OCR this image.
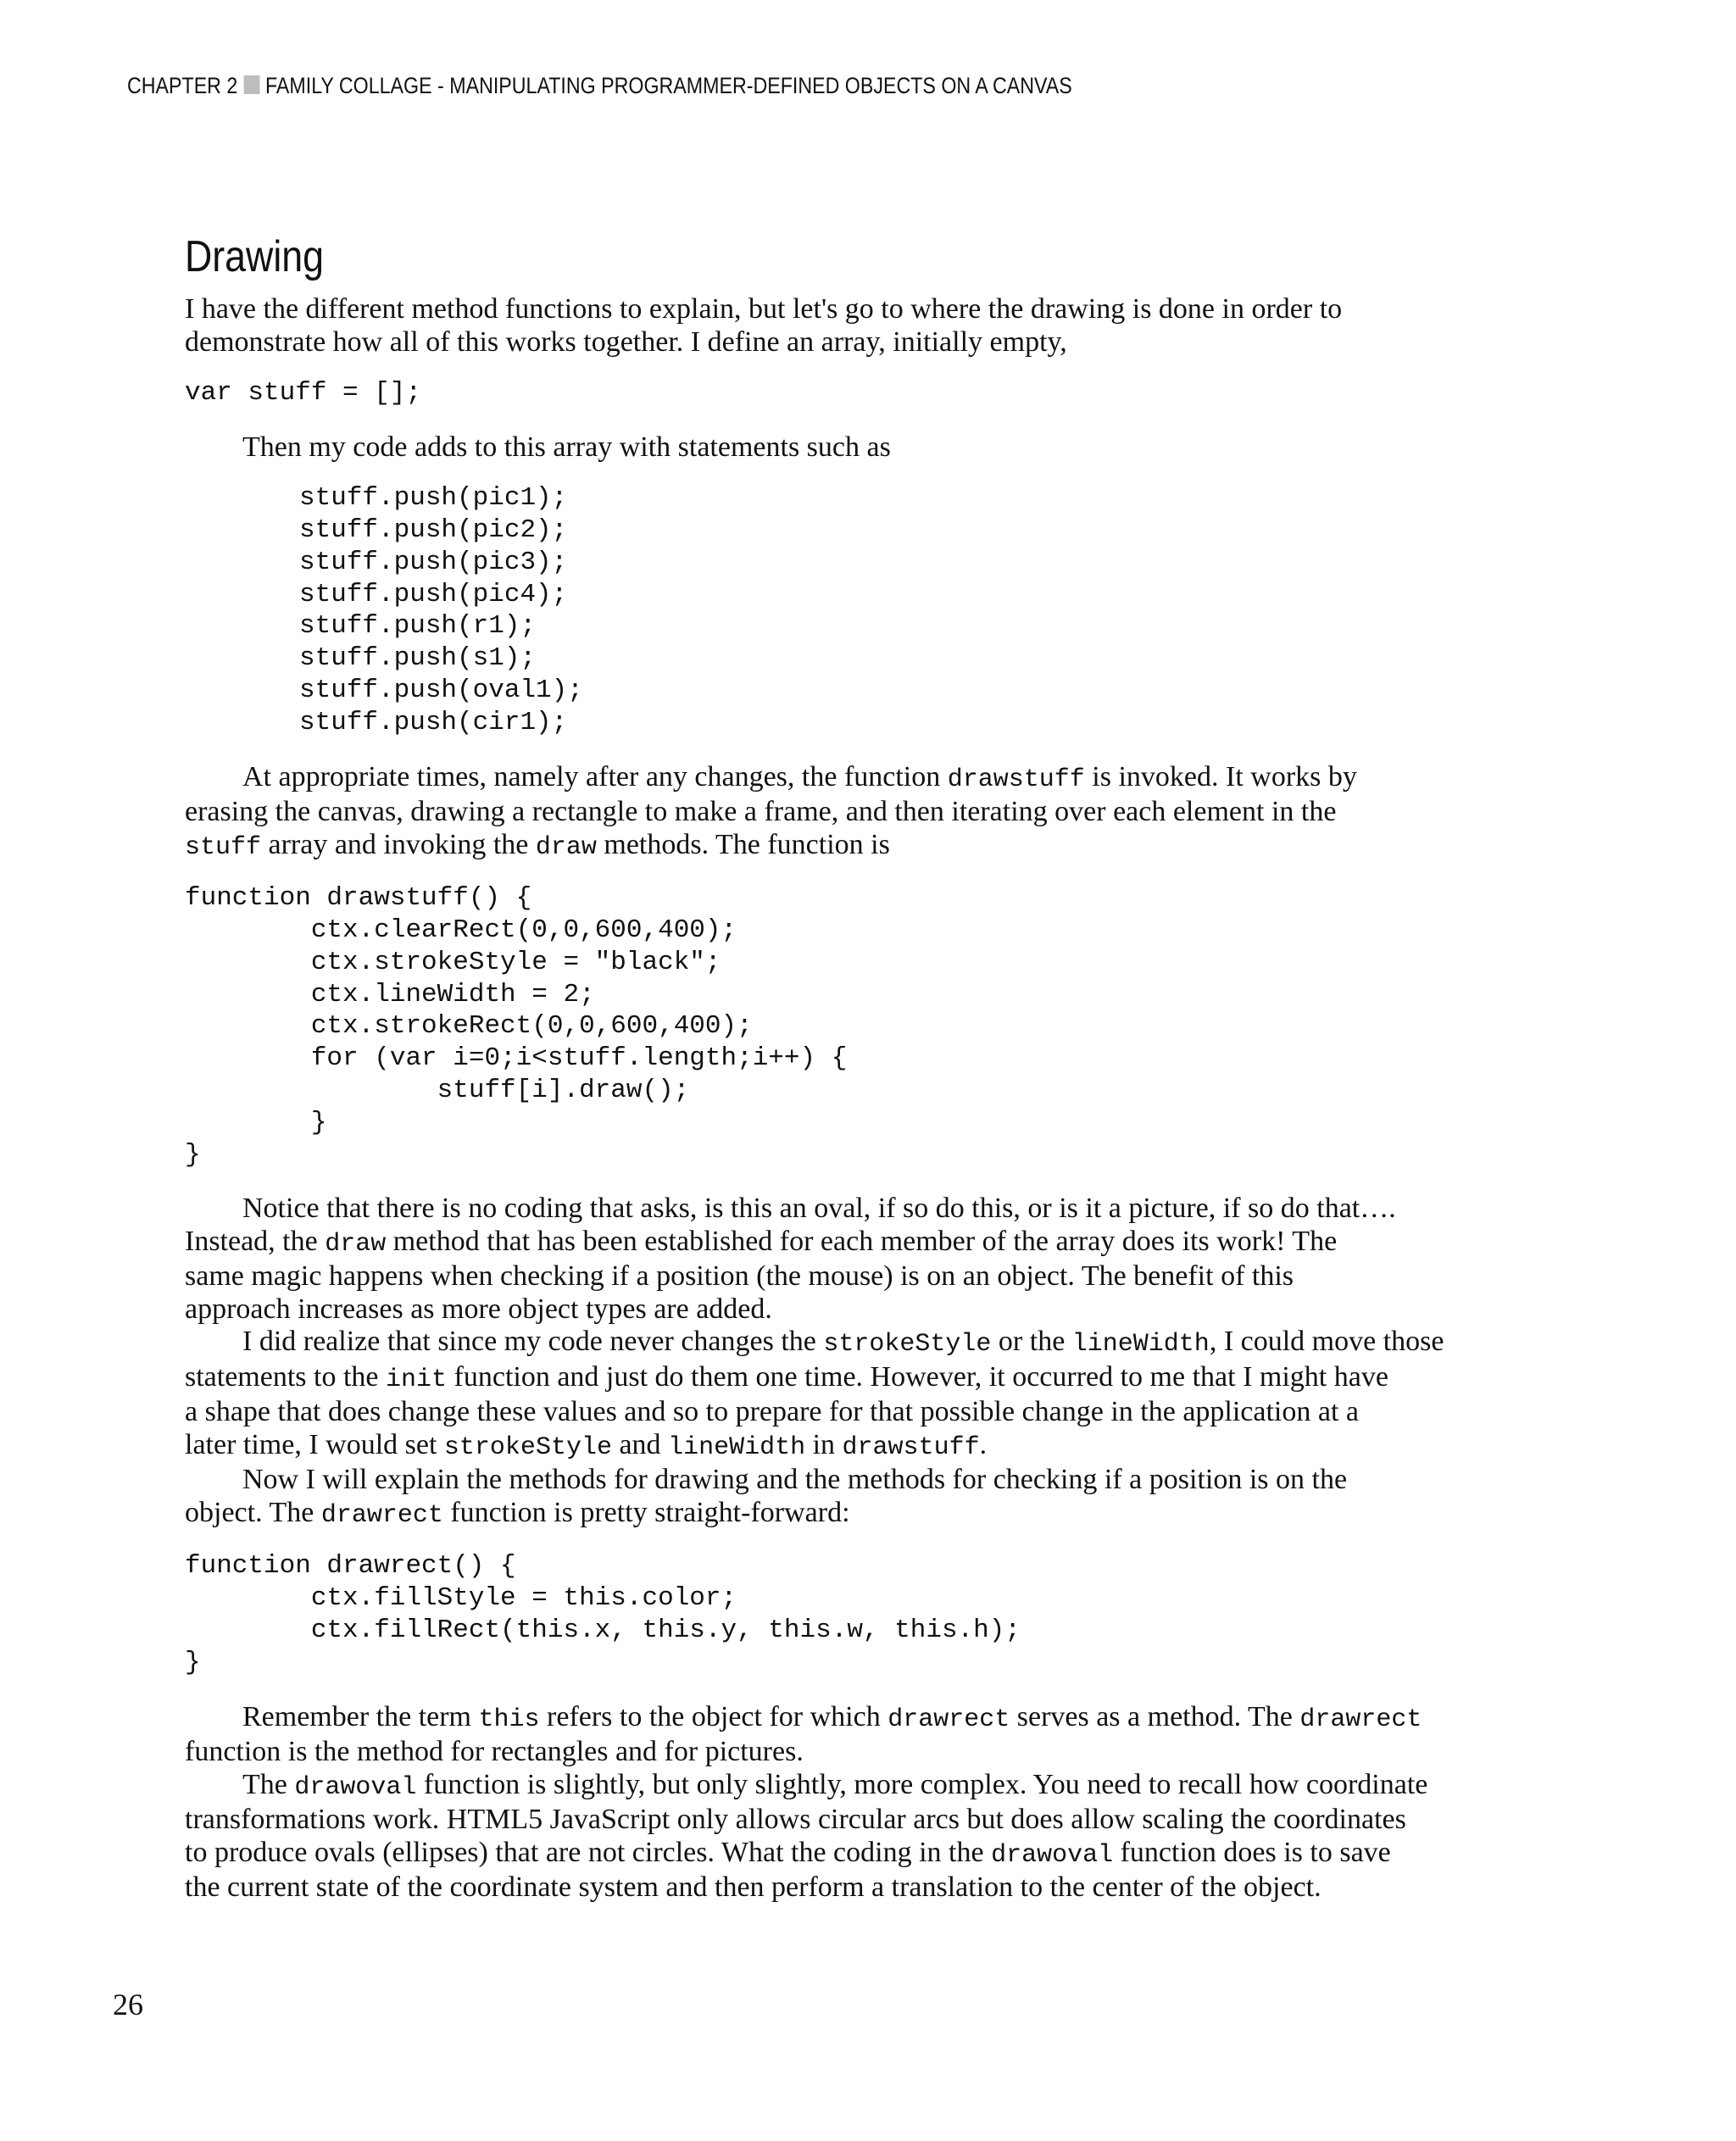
CHAPTER 2 FAMILY COLLAGE - MANIPULATING PROGRAMMER-DEFINED OBJECTS ON A CANVAS
Drawing

I have the different method functions to explain, but let's go to where the drawing is done in order to
demonstrate how all of this works together. I define an array, initially empty,

var stuff = [];

Then my code adds to this array with statements such as

stuff.push(pic1);
stuff.push(pic2);
stuff.push(pic3);
stuff.push(pic4);
stuff.push(r1);
stuff.push(s1);
stuff.push(oval1);
stuff.push(cir1);

At appropriate times, namely after any changes, the function drawstuff is invoked. It works by
erasing the canvas, drawing a rectangle to make a frame, and then iterating over each element in the
stuff array and invoking the draw methods. The function is

function drawstuff() {
ctx.clearRect(0,0,600,400);
ctx.strokeStyle = "black";
ctx.lineWidth = 2;
ctx.strokeRect(0,0,600,400);
for (var i=0;i<stuff.length;i++) {
stuff[i].draw();
}
}

Notice that there is no coding that asks, is this an oval, if so do this, or is it a picture, if so do that….
Instead, the draw method that has been established for each member of the array does its work! The
same magic happens when checking if a position (the mouse) is on an object. The benefit of this
approach increases as more object types are added.

I did realize that since my code never changes the strokeStyle or the lineWidth, I could move those
statements to the init function and just do them one time. However, it occurred to me that I might have
a shape that does change these values and so to prepare for that possible change in the application at a
later time, I would set strokeStyle and lineWidth in drawstuff.

Now I will explain the methods for drawing and the methods for checking if a position is on the
object. The drawrect function is pretty straight-forward:

function drawrect() {
ctx.fillStyle = this.color;
ctx.fillRect(this.x, this.y, this.w, this.h);
}

Remember the term this refers to the object for which drawrect serves as a method. The drawrect
function is the method for rectangles and for pictures.

The drawoval function is slightly, but only slightly, more complex. You need to recall how coordinate
transformations work. HTML5 JavaScript only allows circular arcs but does allow scaling the coordinates
to produce ovals (ellipses) that are not circles. What the coding in the drawoval function does is to save
the current state of the coordinate system and then perform a translation to the center of the object.

26
